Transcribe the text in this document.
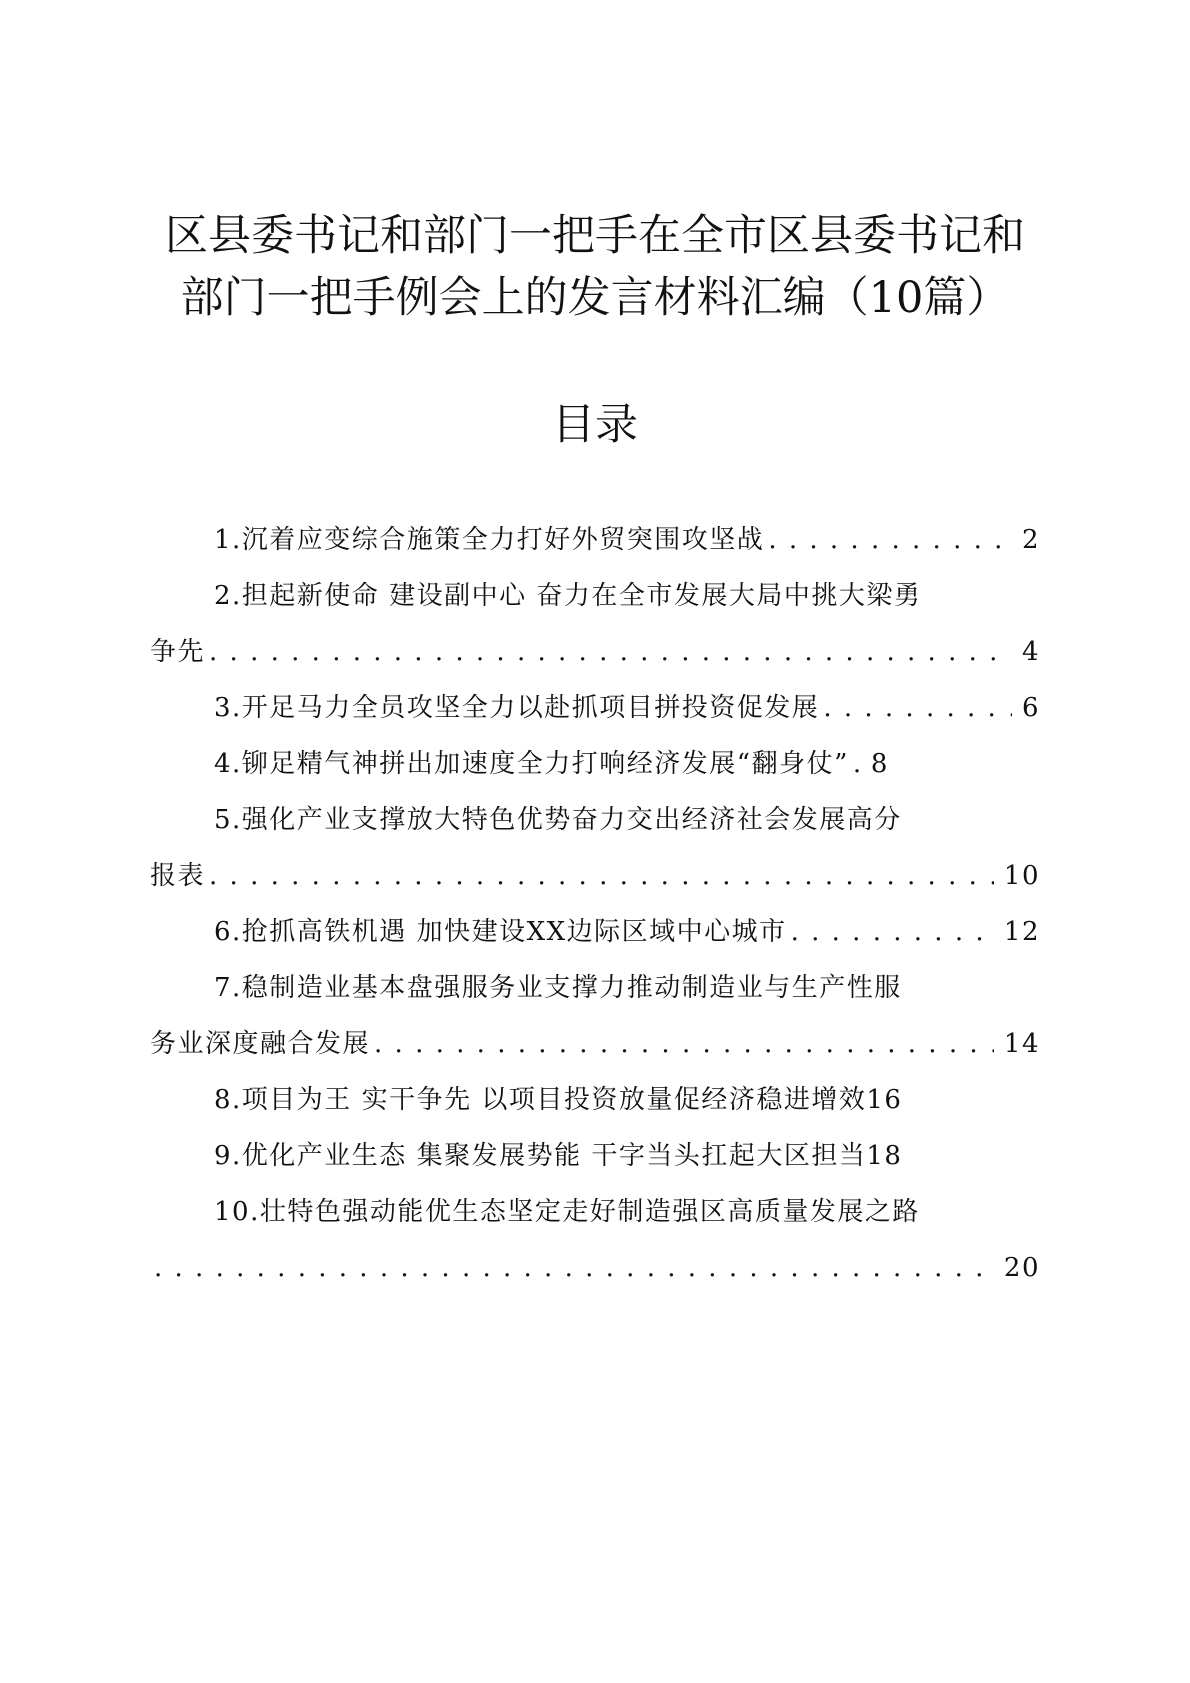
区县委书记和部门一把手在全市区县委书记和
部门一把手例会上的发言材料汇编（10篇）
目录
1.沉着应变综合施策全力打好外贸突围攻坚战 . . .	2
2.担起新使命 建设副中心 奋力在全市发展大局中挑大梁勇
争先 . . .	4
3.开足马力全员攻坚全力以赴抓项目拼投资促发展 . . .	6
4.铆足精气神拼出加速度全力打响经济发展“翻身仗” . . . 8
5.强化产业支撑放大特色优势奋力交出经济社会发展高分
报表 . . .	10
6.抢抓高铁机遇 加快建设XX边际区域中心城市 . . .	12
7.稳制造业基本盘强服务业支撑力推动制造业与生产性服
务业深度融合发展 . . .	14
8.项目为王 实干争先 以项目投资放量促经济稳进增效 16
9.优化产业生态 集聚发展势能 干字当头扛起大区担当 18
10.壮特色强动能优生态坚定走好制造强区高质量发展之路
. . .
20
